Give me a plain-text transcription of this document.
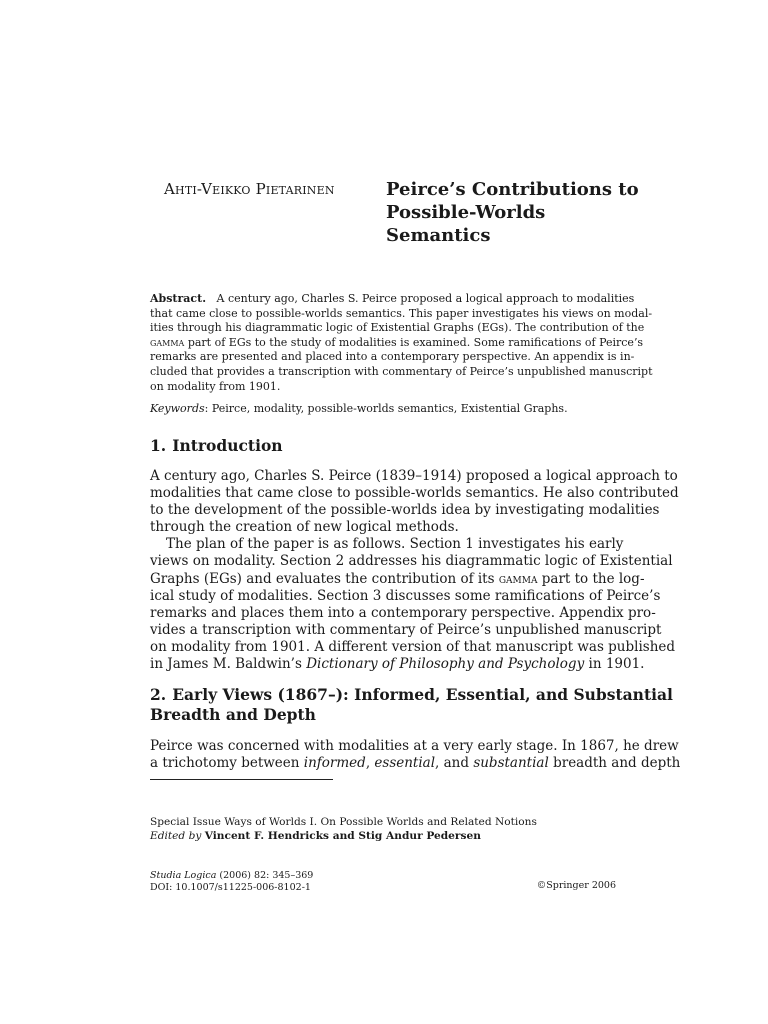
Ahti-Veikko Pietarinen	Peirce’s Contributions to
Possible-Worlds
Semantics
Abstract. A century ago, Charles S. Peirce proposed a logical approach to modalities
that came close to possible-worlds semantics. This paper investigates his views on modal-
ities through his diagrammatic logic of Existential Graphs (EGs). The contribution of the
gamma part of EGs to the study of modalities is examined. Some ramifications of Peirce’s
remarks are presented and placed into a contemporary perspective. An appendix is in-
cluded that provides a transcription with commentary of Peirce’s unpublished manuscript
on modality from 1901.
Keywords: Peirce, modality, possible-worlds semantics, Existential Graphs.
1. Introduction
A century ago, Charles S. Peirce (1839–1914) proposed a logical approach to
modalities that came close to possible-worlds semantics. He also contributed
to the development of the possible-worlds idea by investigating modalities
through the creation of new logical methods.
The plan of the paper is as follows. Section 1 investigates his early
views on modality. Section 2 addresses his diagrammatic logic of Existential
Graphs (EGs) and evaluates the contribution of its gamma part to the log-
ical study of modalities. Section 3 discusses some ramifications of Peirce’s
remarks and places them into a contemporary perspective. Appendix pro-
vides a transcription with commentary of Peirce’s unpublished manuscript
on modality from 1901. A different version of that manuscript was published
in James M. Baldwin’s Dictionary of Philosophy and Psychology in 1901.
2. Early Views (1867–): Informed, Essential, and Substantial
Breadth and Depth
Peirce was concerned with modalities at a very early stage. In 1867, he drew
a trichotomy between informed, essential, and substantial breadth and depth
Special Issue Ways of Worlds I. On Possible Worlds and Related Notions
Edited by Vincent F. Hendricks and Stig Andur Pedersen
Studia Logica (2006) 82: 345–369
DOI: 10.1007/s11225-006-8102-1	©Springer 2006
